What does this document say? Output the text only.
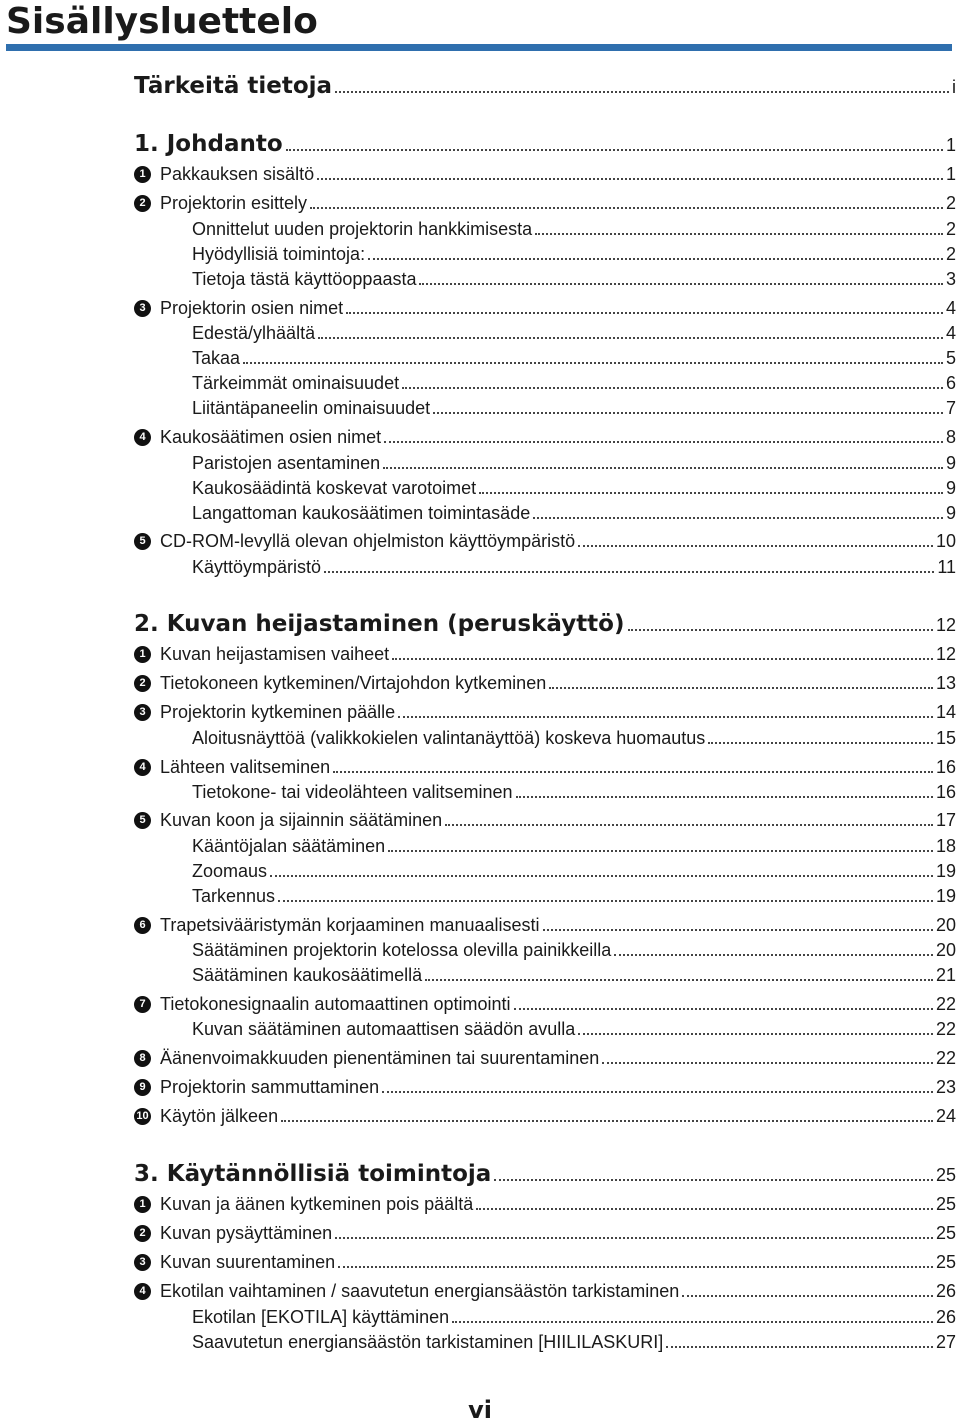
Sisällysluettelo
Tärkeitä tietoja	i
1. Johdanto	1
1 Pakkauksen sisältö	1
2 Projektorin esittely	2
Onnittelut uuden projektorin hankkimisesta	2
Hyödyllisiä toimintoja:	2
Tietoja tästä käyttöoppaasta	3
3 Projektorin osien nimet	4
Edestä/ylhäältä	4
Takaa	5
Tärkeimmät ominaisuudet	6
Liitäntäpaneelin ominaisuudet	7
4 Kaukosäätimen osien nimet	8
Paristojen asentaminen	9
Kaukosäädintä koskevat varotoimet	9
Langattoman kaukosäätimen toimintasäde	9
5 CD-ROM-levyllä olevan ohjelmiston käyttöympäristö	10
Käyttöympäristö	11
2. Kuvan heijastaminen (peruskäyttö)	12
1 Kuvan heijastamisen vaiheet	12
2 Tietokoneen kytkeminen/Virtajohdon kytkeminen	13
3 Projektorin kytkeminen päälle	14
Aloitusnäyttöä (valikkokielen valintanäyttöä) koskeva huomautus	15
4 Lähteen valitseminen	16
Tietokone- tai videolähteen valitseminen	16
5 Kuvan koon ja sijainnin säätäminen	17
Kääntöjalan säätäminen	18
Zoomaus	19
Tarkennus	19
6 Trapetsivääristymän korjaaminen manuaalisesti	20
Säätäminen projektorin kotelossa olevilla painikkeilla	20
Säätäminen kaukosäätimellä	21
7 Tietokonesignaalin automaattinen optimointi	22
Kuvan säätäminen automaattisen säädön avulla	22
8 Äänenvoimakkuuden pienentäminen tai suurentaminen	22
9 Projektorin sammuttaminen	23
10 Käytön jälkeen	24
3. Käytännöllisiä toimintoja	25
1 Kuvan ja äänen kytkeminen pois päältä	25
2 Kuvan pysäyttäminen	25
3 Kuvan suurentaminen	25
4 Ekotilan vaihtaminen / saavutetun energiansäästön tarkistaminen	26
Ekotilan [EKOTILA] käyttäminen	26
Saavutetun energiansäästön tarkistaminen [HIILILASKURI]	27
vi
